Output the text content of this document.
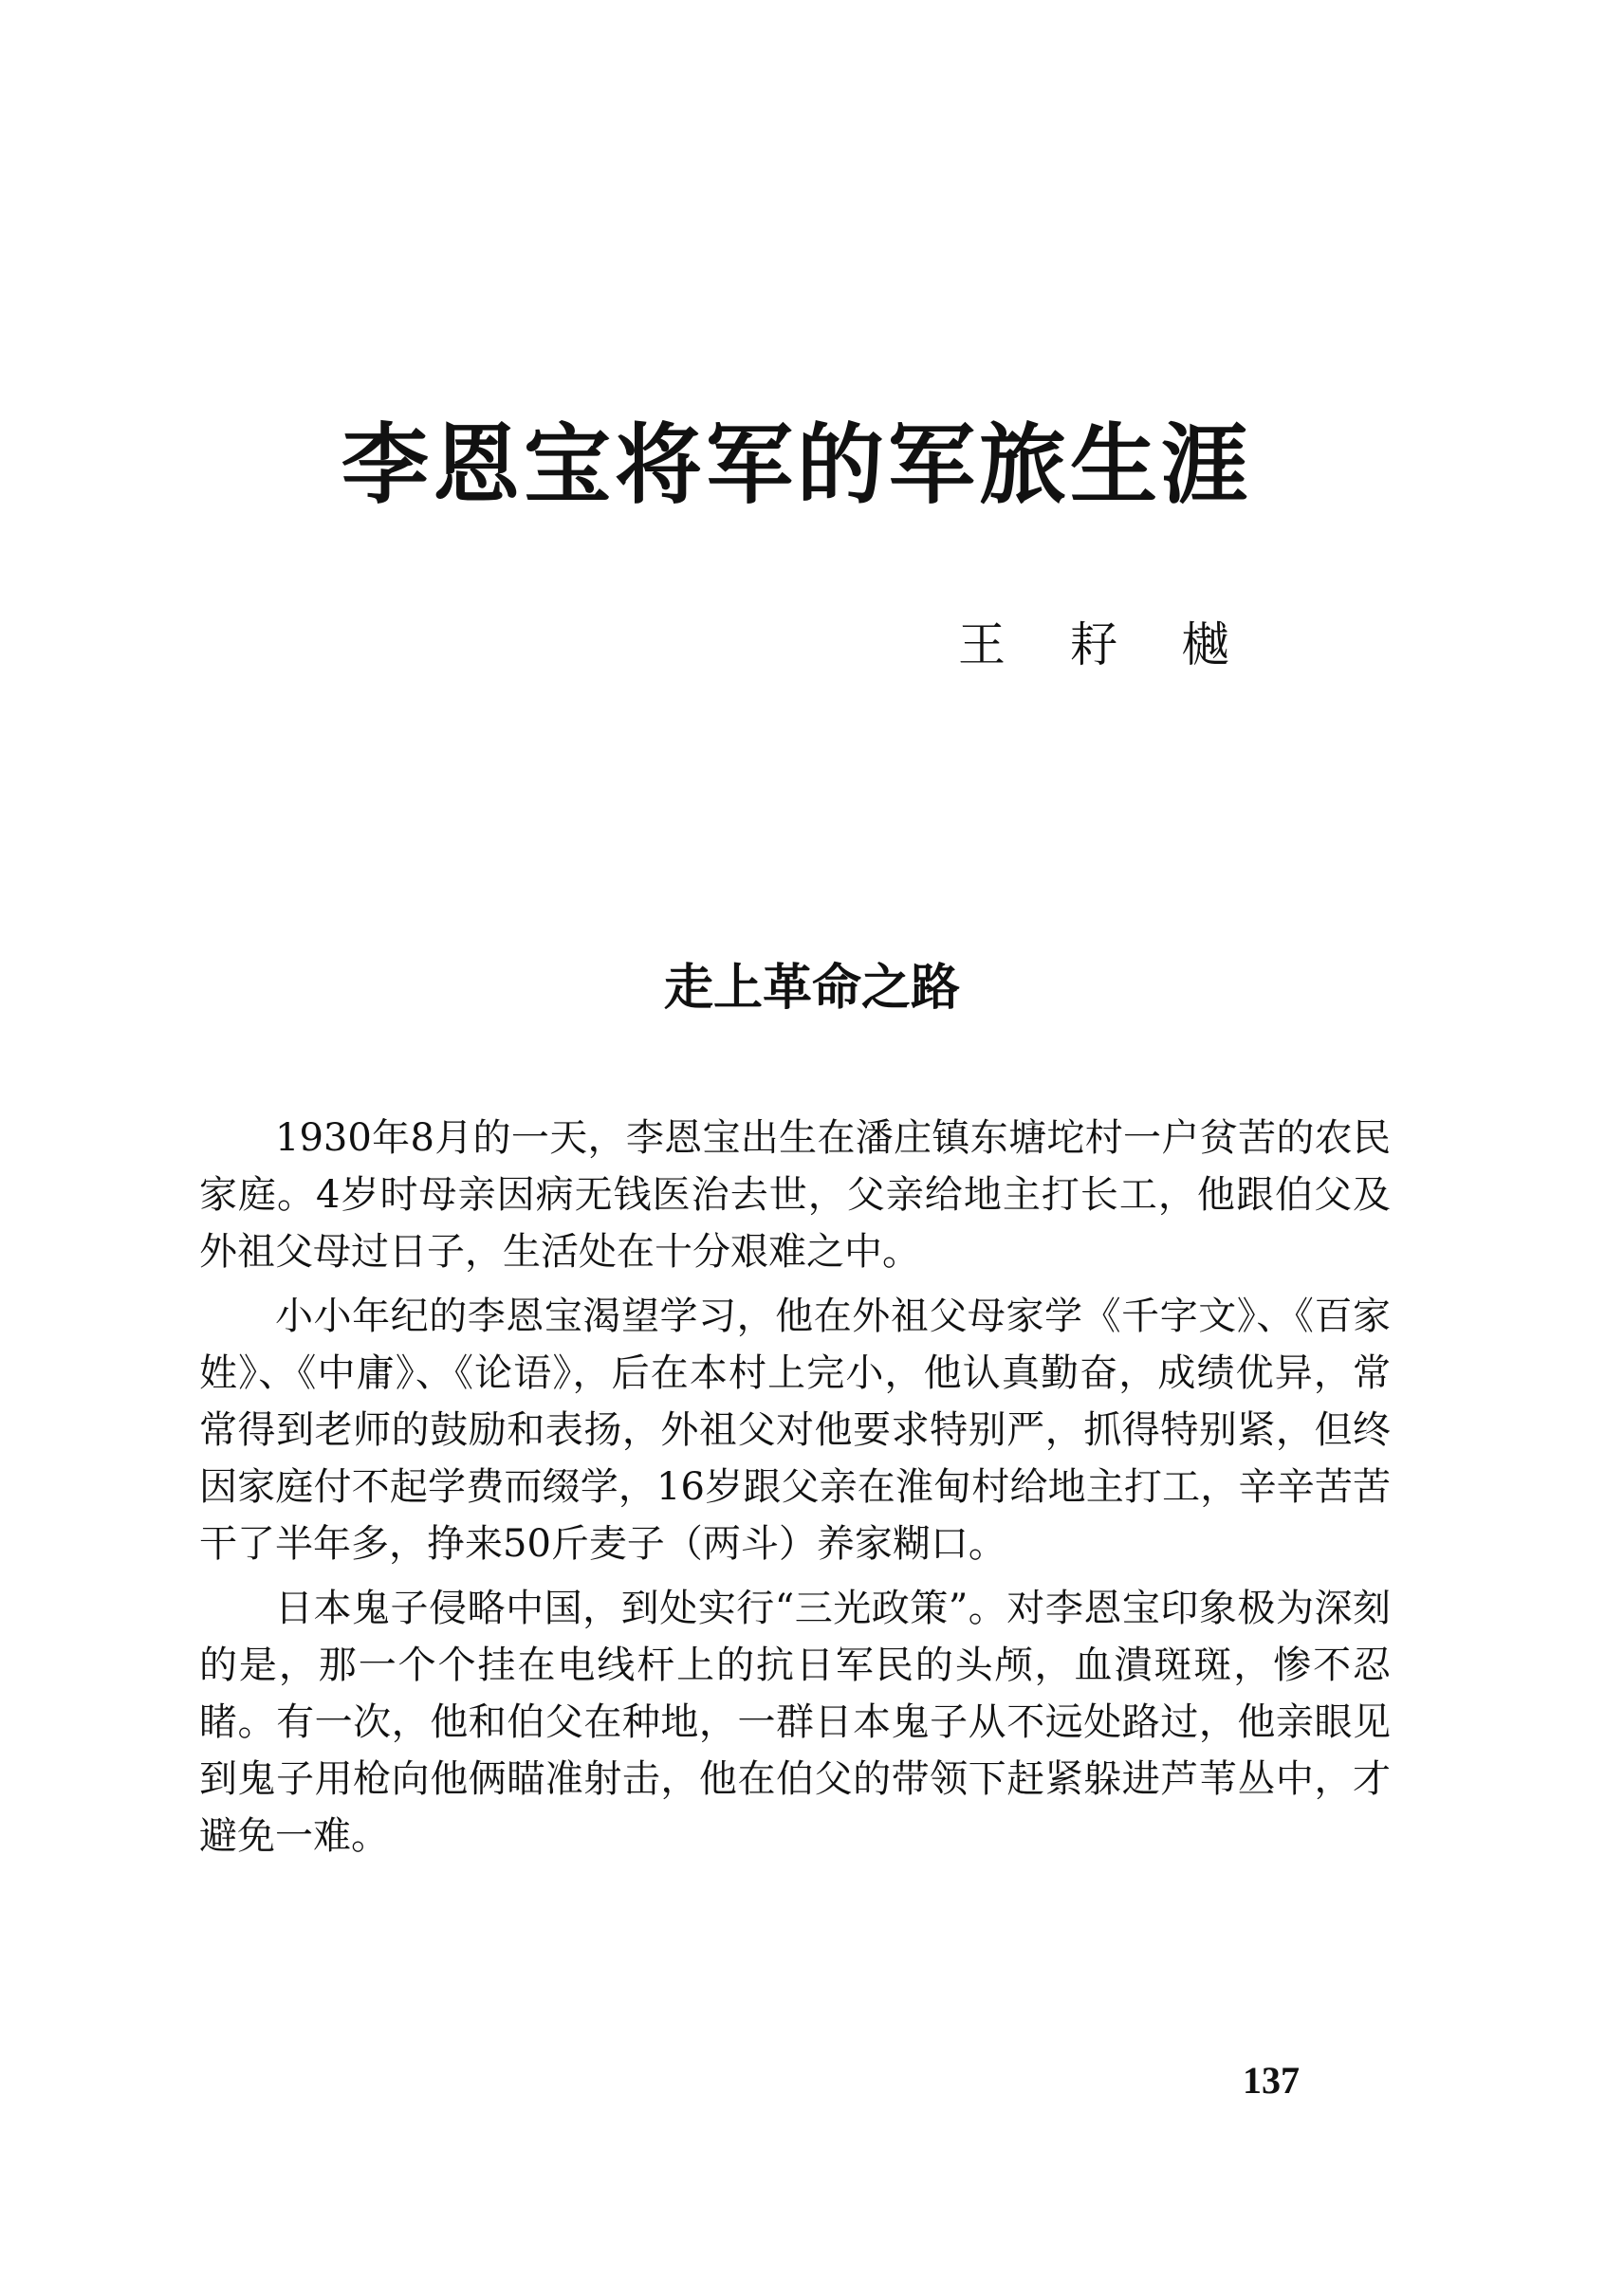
李恩宝将军的军旅生涯
王 耔 樾
走上革命之路

1930年8月的一天，李恩宝出生在潘庄镇东塘坨村一户贫苦的农民家庭。4岁时母亲因病无钱医治去世，父亲给地主打长工，他跟伯父及外祖父母过日子，生活处在十分艰难之中。

小小年纪的李恩宝渴望学习，他在外祖父母家学《千字文》、《百家姓》、《中庸》、《论语》，后在本村上完小，他认真勤奋，成绩优异，常常得到老师的鼓励和表扬，外祖父对他要求特别严，抓得特别紧，但终因家庭付不起学费而缀学，16岁跟父亲在淮甸村给地主打工，辛辛苦苦干了半年多，挣来50斤麦子（两斗）养家糊口。

日本鬼子侵略中国，到处实行“三光政策”。对李恩宝印象极为深刻的是，那一个个挂在电线杆上的抗日军民的头颅，血潰斑斑，惨不忍睹。有一次，他和伯父在种地，一群日本鬼子从不远处路过，他亲眼见到鬼子用枪向他俩瞄准射击，他在伯父的带领下赶紧躲进芦苇丛中，才避免一难。

137
